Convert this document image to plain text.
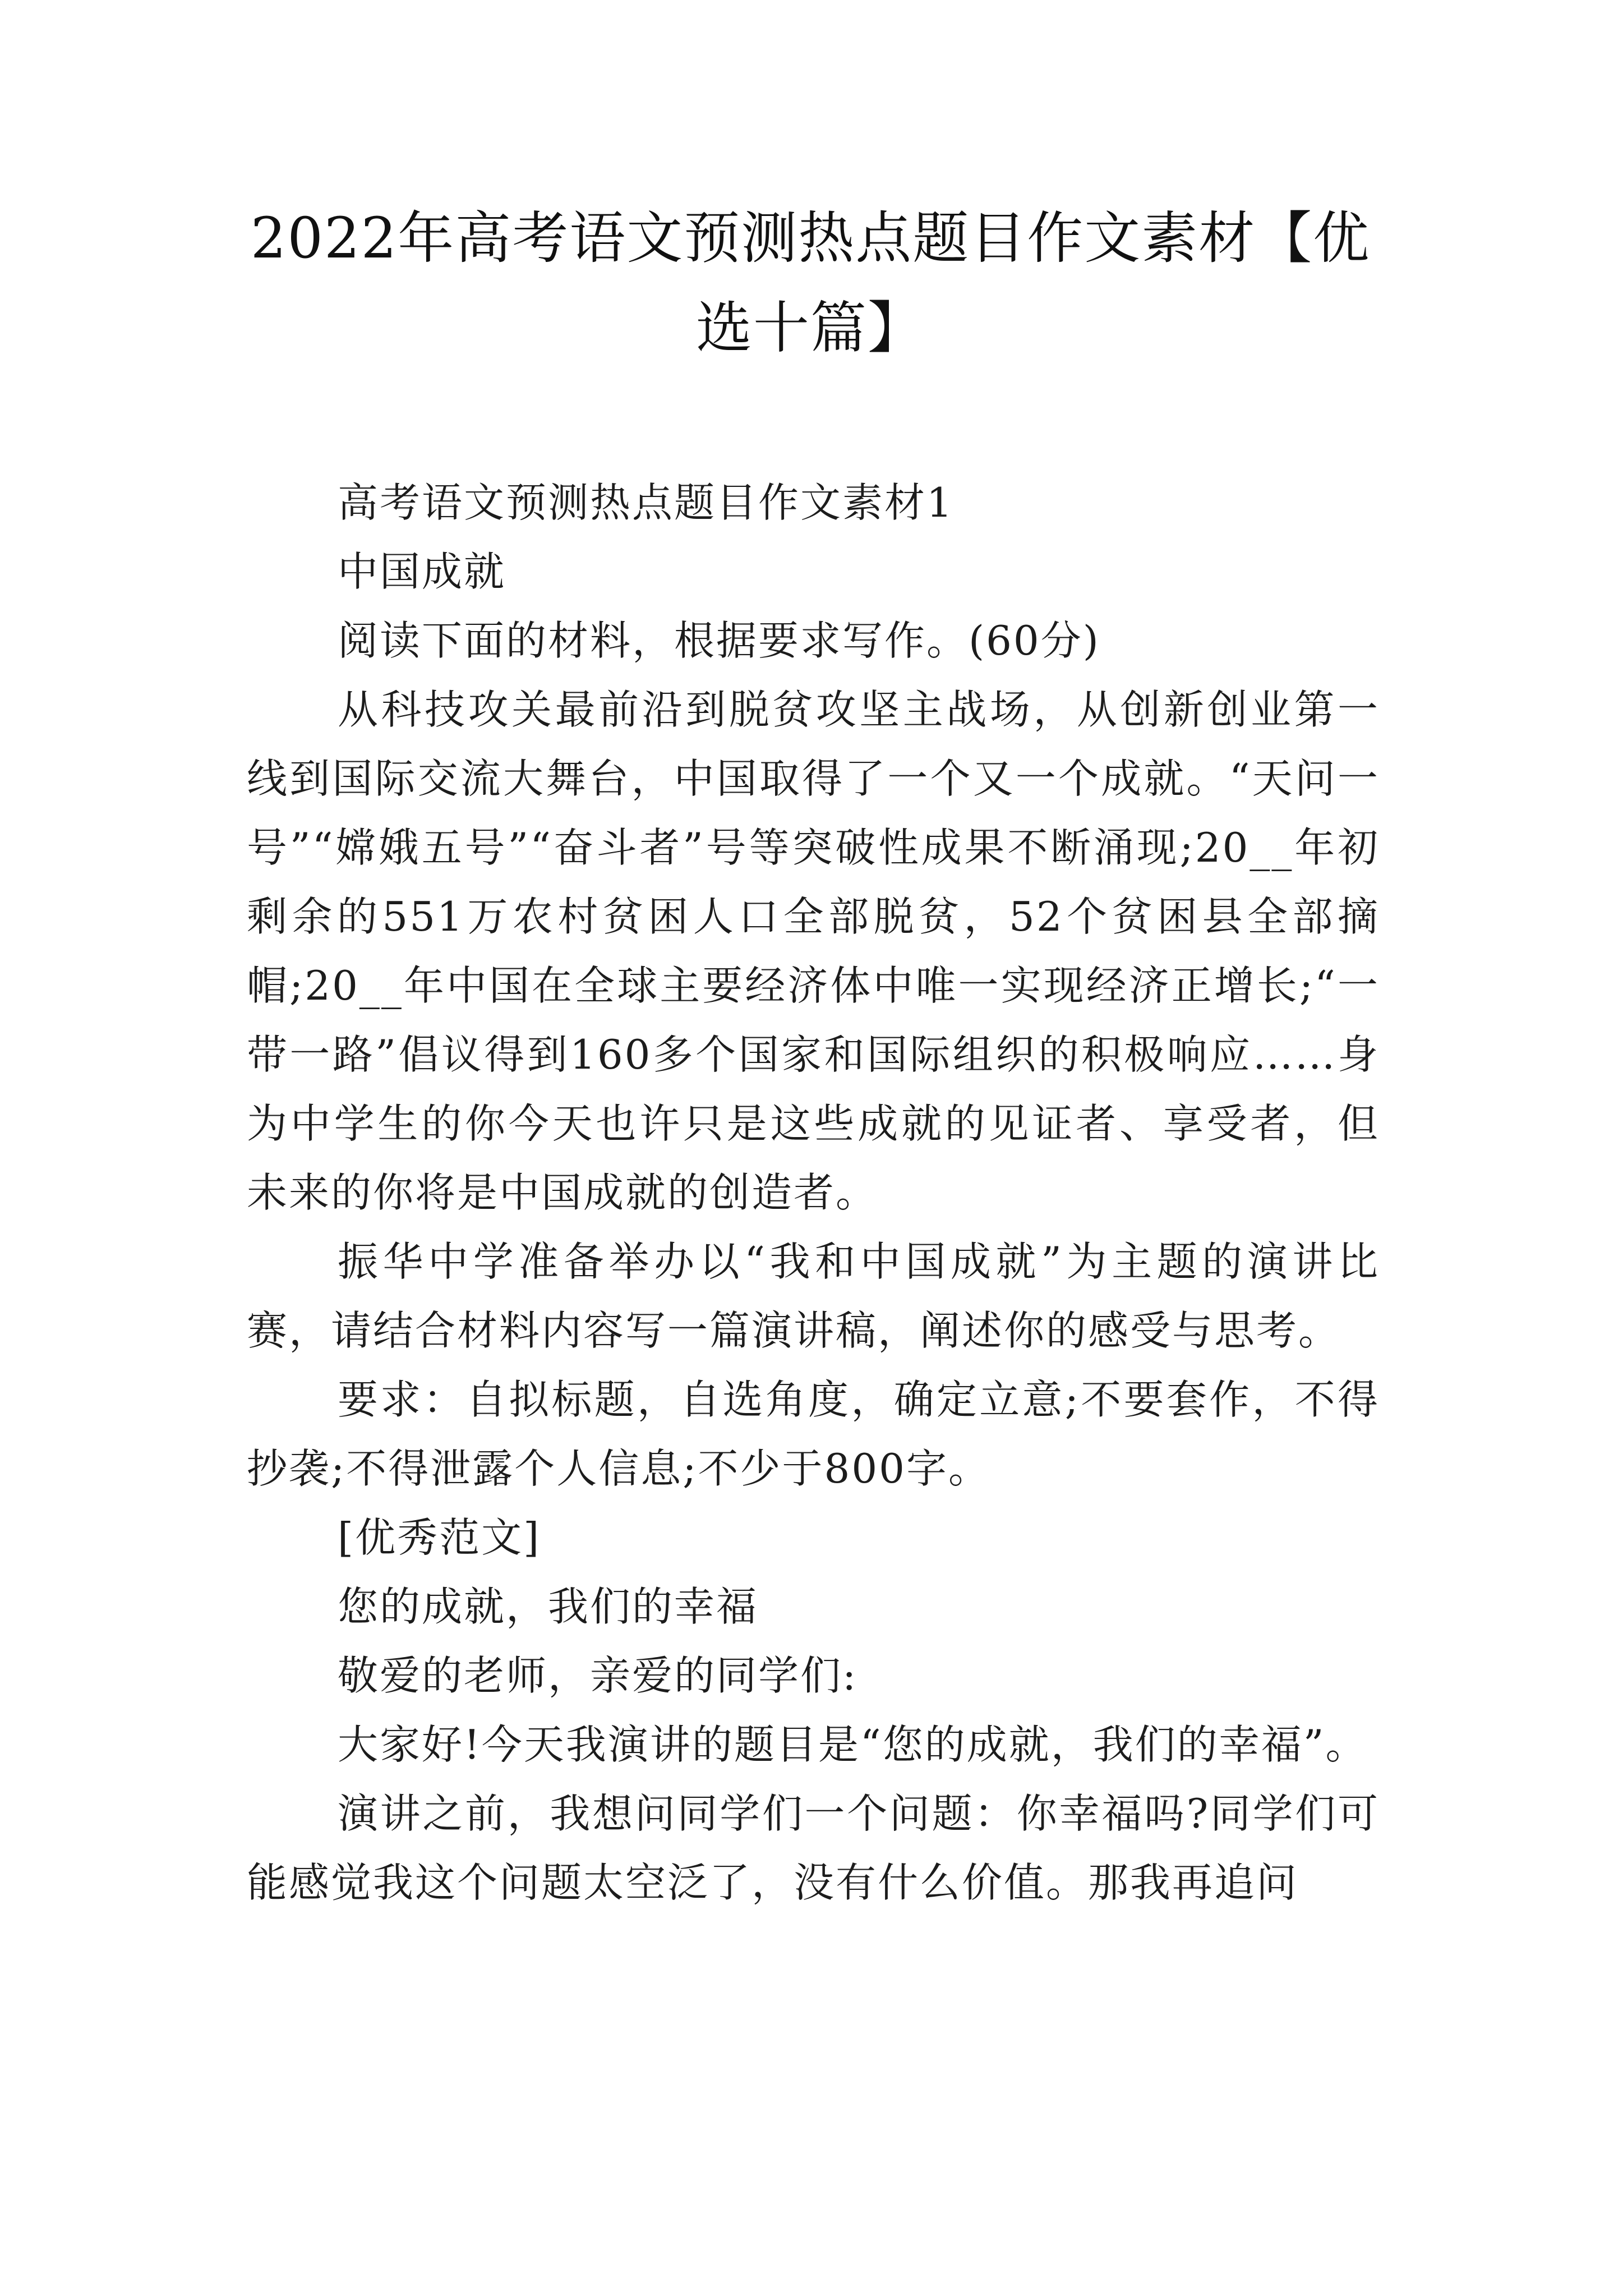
2022年高考语文预测热点题目作文素材【优
选十篇】

高考语文预测热点题目作文素材1

中国成就

阅读下面的材料，根据要求写作。(60分)

从科技攻关最前沿到脱贫攻坚主战场，从创新创业第一线到国际交流大舞台，中国取得了一个又一个成就。“天问一号”“嫦娥五号”“奋斗者”号等突破性成果不断涌现;20__年初剩余的551万农村贫困人口全部脱贫，52个贫困县全部摘帽;20__年中国在全球主要经济体中唯一实现经济正增长;“一带一路”倡议得到160多个国家和国际组织的积极响应……身为中学生的你今天也许只是这些成就的见证者、享受者，但未来的你将是中国成就的创造者。

振华中学准备举办以“我和中国成就”为主题的演讲比赛，请结合材料内容写一篇演讲稿，阐述你的感受与思考。

要求：自拟标题，自选角度，确定立意;不要套作，不得抄袭;不得泄露个人信息;不少于800字。

[优秀范文]

您的成就，我们的幸福

敬爱的老师，亲爱的同学们:

大家好!今天我演讲的题目是“您的成就，我们的幸福”。

演讲之前，我想问同学们一个问题：你幸福吗?同学们可能感觉我这个问题太空泛了，没有什么价值。那我再追问
